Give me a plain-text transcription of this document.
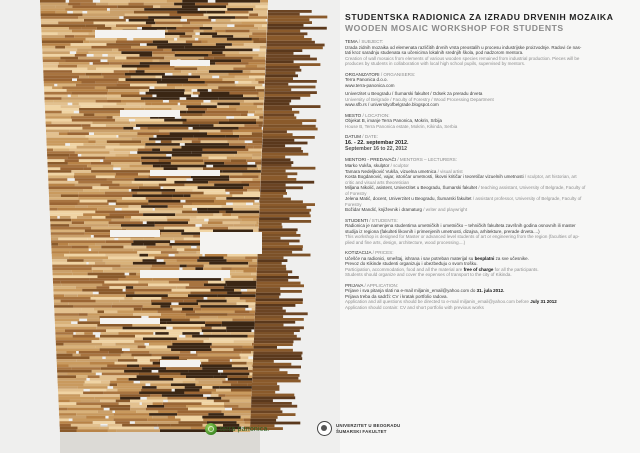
STUDENTSKA RADIONICA ZA IZRADU DRVENIH MOZAIKA
WOODEN MOSAIC WORKSHOP FOR STUDENTS
TEMA / SUBJECT:
Izrada zidnih mozaika od elemenata različitih drvnih vrsta preostalih u procesu industrijske proizvodnje. Radovi će nas-
tati kroz saradnju studenata sa učenicima lokalnih srednjih škola, pod nadzorom mentora.
Creation of wall mosaics from elements of various wooden species remained from industrial production. Pieces will be
produces by students in collaboration with local high school pupils, supervised by mentors.
ORGANIZATORI / ORGANISERS:
Terra Panonica d.o.o.
www.terra-panonica.com
Univerzitet u Beogradu / Šumarski fakultet / Odsek za preradu drveta
University of Belgrade / Faculty of Forestry / Wood Processing Department
www.sfb.rs / universityofbelgrade.blogspot.com
MESTO / LOCATION:
Objekat B, imanje Terra Panonica, Mokrin, Srbija
House B, Terra Panonica estate, Mokrin, Kikinda, Serbia
DATUM / DATE:
16. - 22. septembar 2012.
September 16 to 22, 2012
MENTORI - PREDAVAČI / MENTORS – LECTURERS:
Marko Vukša, skulptor / sculptor
Tamara Nedeljković Vukša, vizuelna umetnica / visual artist
Kosta Bogdanović, vajar, istoričar umetnosti, likovni kritičar i teoretičar vizuelnih umetnosti / sculptor, art historian, art
critic and visual arts theoretician
Miljana Nikolić, asistent, Univerzitet u Beogradu, Šumarski fakultet / teaching assistant, University of Belgrade, Faculty of
of Forestry
Jelena Matić, docent, Univerzitet u Beogradu, Šumarski fakultet / assistant professor, University of Belgrade, Faculty of
Forestry
Božidar Mandić, književnik i dramaturg / writer and playwright
STUDENTI / STUDENTS:
Radionica je namenjena studentima umetničkih i umetničko – tehničkih fakulteta završnih godina osnovnih ili master
studija iz regiona (fakulteti likovnih i primenjenih umetnosti, dizajna, arhitekture, prerade drveta....)
This workshop is designed for Master or advanced level students of art or engineering from the region (faculties of ap-
plied and fine arts, design, architecture, wood processing....)
KOTIZACIJA / PRICES:
Učešće na radionici, smeštaj, ishrana i sav potreban materijal su besplatni za sve učesnike.
Prevoz do Kikinde studenti organizuju i obezbeđuju o svom trošku.
Participation, accommodation, food and all the material are free of charge for all the participants.
Students should organize and cover the expenses of transport to the city of Kikinda.
PRIJAVA / APPLICATION:
Prijave i sva pitanja slati na e-mail miljanin_email@yahoo.com do 31. jula 2012.
Prijava treba da sadrži: CV i kratak portfolio radova.
Application and all questions should be directed to e-mail miljanin_email@yahoo.com before July 31 2012
Application should contain: CV and short portfolio with previous works
terra panonica.	UNIVERZITET U BEOGRADU
ŠUMARSKI FAKULTET
